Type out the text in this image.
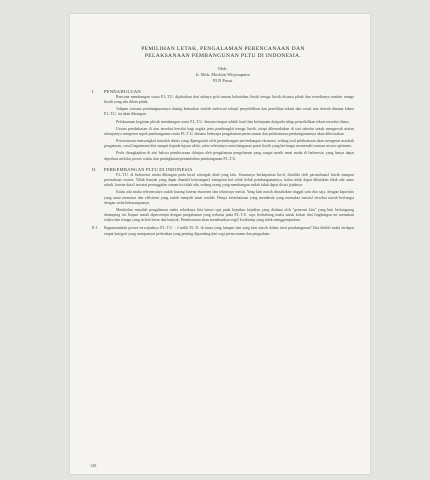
PEMILIHAN LETAK, PENGALAMAN PERENCANAAN DAN
PELAKSANAAN PEMBANGUNAN PLTU DI INDONESIA.
Oleh :
Ir. Moh. Mochtar Wirjosaputro
PLN Pusat.
I. PENDAHULUAN

Rencana membangun suatu P.L.T.U. dijabarkan dari adanya pola umum kebutuhan listrik tenaga listrik disuatu pihak dan tersedianya sumber tenaga listrik yang ada dilain pihak.

Adapun rencana pembangunannya datang kemudian setelah melewati tahap2 penyelidikan dan penelitian teknis dan sosial atas daerah dimana lokasi P.L.T.U. itu akan dibangun.

Pelaksanaan kegiatan phisik membangun suatu P.L.T.U. dimana tempat adalah hasil dan kelanjutan daripada tahap penyelidikan teknis tersebut diatas.

Uraian pembahasan di atas tersebut bersifat bagi segala jenis pembangkit tenaga listrik, tetapi dikemukakan di sini sekedar untuk mengawali uraian selanjutnya mengenai aspek pembangunan suatu P.L.T.U. dimana beberapa pengalaman perencanaan dan pelaksanaan pembangunannya akan dibicarakan.

Perencanaan menyangkut masalah teknis yang dipengaruhi oleh pertimbangan-pertimbangan ekonomi, sedang soal pelaksanaan akan mengenai masalah pengaturan, cara2 bagaimana kita sampai kepada tujuan akhir, yaitu selesainya suatu bangunan pusat listrik yang berfungsi memenuhi sasaran secara optimum.

Perlu diungkapkan di sini bahwa pembicaraan ditinjau oleh pengalaman pengelaman yang sangat masih amat muda di Indonesia, yang hanya dapat diperluas melalui proses waktu dan peningkatan/penambahan pembangunan P.L.T.U.

II. PERKEMBANGAN PLTU DI INDONESIA

P.L.T.U. di Indonesia mulai dibangun pada kira2 setengah abad yang lalu. Umumnya berkapasitas kecil, dimiliki oleh perusahaan2 listrik maupun perusahaan swasta. Tidak banyak yang dapat diambil keterangan2 mengenai hal seluk beluk pembangunannya, kalau tidak dapat dikatakan tidak ada sama sekali, karena data2 tercatat peninggalan zaman itu tidak ada, sedang orang yang membangun sudah tidak dapat dicari jejaknya.

Kalau ada maka relevansinya sudah kurang karena ekonomi dan teknisnya mesin. Yang kini masih diusahakan tinggal satu dua saja, dengan kapasitas yang amat menurun dan effisiensi yang sudah menjadi amat rendah. Hanya keterbatasan yang mendesak yang memaksa mesin2 tersebut masih berfungsi dengan serba kekurangannya.

Membahas masalah pengalaman maka sebaiknya kita batasi saja pada kejadian kejadian yang dialami oleh "generasi kita" yang kini berlangsung disamping ini. Itupun masih dipersempit dengan pengalaman yang terbatas pada P.L.T.U. saja, berhubung usaha untuk keluar dari lingkungan ini memakan waktu dan tenaga yang terlalu besar dan banyak. Pembicaraan akan menekankan segi2 kwalitatip yang tidak menggemparkan.

II.1. Bagaimanakah proses terwujudnya P.L.T.U. - 2 milik P.L.N. di masa yang lampau dan yang kini masih dalam taraf pembangunan? Jika ditelili maka terdapat empat kategori yang mempunyai perbedaan yang penting dipandang dari segi perencanaan dan pengadaan :

148
